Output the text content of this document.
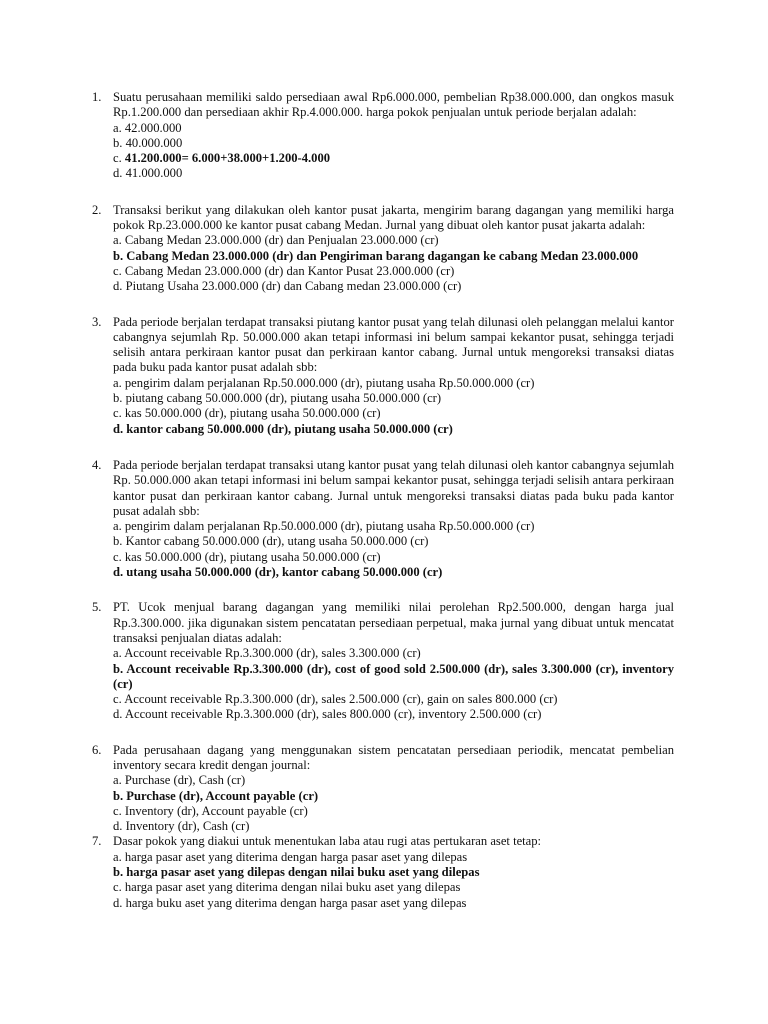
1. Suatu perusahaan memiliki saldo persediaan awal Rp6.000.000, pembelian Rp38.000.000, dan ongkos masuk Rp.1.200.000 dan persediaan akhir Rp.4.000.000. harga pokok penjualan untuk periode berjalan adalah:
a. 42.000.000
b. 40.000.000
c. 41.200.000= 6.000+38.000+1.200-4.000
d. 41.000.000
2. Transaksi berikut yang dilakukan oleh kantor pusat jakarta, mengirim barang dagangan yang memiliki harga pokok Rp.23.000.000 ke kantor pusat cabang Medan. Jurnal yang dibuat oleh kantor pusat jakarta adalah:
a. Cabang Medan 23.000.000 (dr) dan Penjualan 23.000.000 (cr)
b. Cabang Medan 23.000.000 (dr) dan Pengiriman barang dagangan ke cabang Medan 23.000.000
c. Cabang Medan 23.000.000 (dr) dan Kantor Pusat 23.000.000 (cr)
d. Piutang Usaha 23.000.000 (dr) dan Cabang medan 23.000.000 (cr)
3. Pada periode berjalan terdapat transaksi piutang kantor pusat yang telah dilunasi oleh pelanggan melalui kantor cabangnya sejumlah Rp. 50.000.000 akan tetapi informasi ini belum sampai kekantor pusat, sehingga terjadi selisih antara perkiraan kantor pusat dan perkiraan kantor cabang. Jurnal untuk mengoreksi transaksi diatas pada buku pada kantor pusat adalah sbb:
a. pengirim dalam perjalanan Rp.50.000.000 (dr), piutang usaha Rp.50.000.000 (cr)
b. piutang cabang 50.000.000 (dr), piutang usaha 50.000.000 (cr)
c. kas 50.000.000 (dr), piutang usaha 50.000.000 (cr)
d. kantor cabang 50.000.000 (dr), piutang usaha 50.000.000 (cr)
4. Pada periode berjalan terdapat transaksi utang kantor pusat yang telah dilunasi oleh kantor cabangnya sejumlah Rp. 50.000.000 akan tetapi informasi ini belum sampai kekantor pusat, sehingga terjadi selisih antara perkiraan kantor pusat dan perkiraan kantor cabang. Jurnal untuk mengoreksi transaksi diatas pada buku pada kantor pusat adalah sbb:
a. pengirim dalam perjalanan Rp.50.000.000 (dr), piutang usaha Rp.50.000.000 (cr)
b. Kantor cabang 50.000.000 (dr), utang usaha 50.000.000 (cr)
c. kas 50.000.000 (dr), piutang usaha 50.000.000 (cr)
d. utang usaha 50.000.000 (dr), kantor cabang 50.000.000 (cr)
5. PT. Ucok menjual barang dagangan yang memiliki nilai perolehan Rp2.500.000, dengan harga jual Rp.3.300.000. jika digunakan sistem pencatatan persediaan perpetual, maka jurnal yang dibuat untuk mencatat transaksi penjualan diatas adalah:
a. Account receivable Rp.3.300.000 (dr), sales 3.300.000 (cr)
b. Account receivable Rp.3.300.000 (dr), cost of good sold 2.500.000 (dr), sales 3.300.000 (cr), inventory (cr)
c. Account receivable Rp.3.300.000 (dr), sales 2.500.000 (cr), gain on sales 800.000 (cr)
d. Account receivable Rp.3.300.000 (dr), sales 800.000 (cr), inventory 2.500.000 (cr)
6. Pada perusahaan dagang yang menggunakan sistem pencatatan persediaan periodik, mencatat pembelian inventory secara kredit dengan journal:
a. Purchase (dr), Cash (cr)
b. Purchase (dr), Account payable (cr)
c. Inventory (dr), Account payable (cr)
d. Inventory (dr), Cash (cr)
7. Dasar pokok yang diakui untuk menentukan laba atau rugi atas pertukaran aset tetap:
a. harga pasar aset yang diterima dengan harga pasar aset yang dilepas
b. harga pasar aset yang dilepas dengan nilai buku aset yang dilepas
c. harga pasar aset yang diterima dengan nilai buku aset yang dilepas
d. harga buku aset yang diterima dengan harga pasar aset yang dilepas
